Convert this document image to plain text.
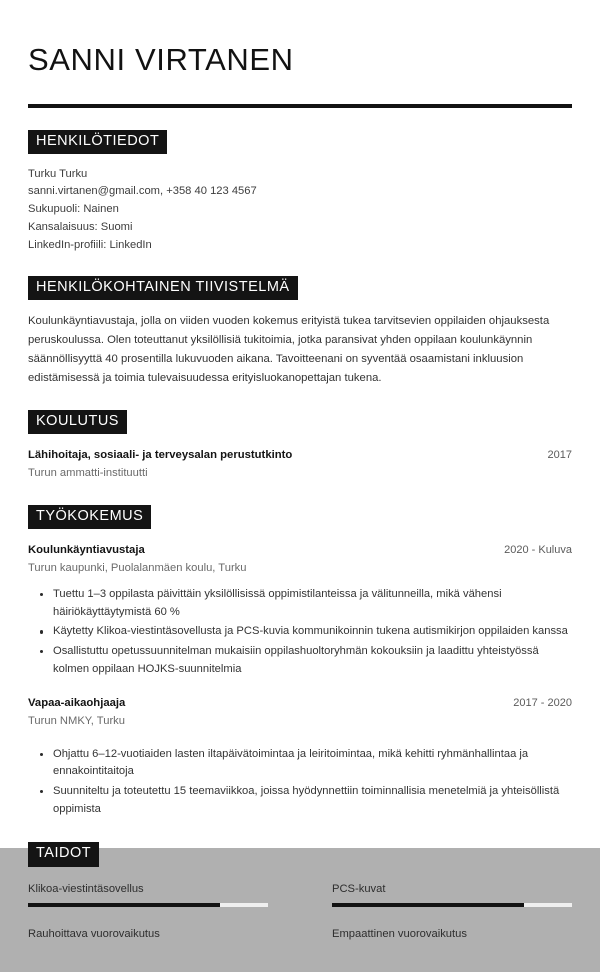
SANNI VIRTANEN
HENKILÖTIEDOT
Turku Turku
sanni.virtanen@gmail.com, +358 40 123 4567
Sukupuoli: Nainen
Kansalaisuus: Suomi
LinkedIn-profiili: LinkedIn
HENKILÖKOHTAINEN TIIVISTELMÄ

Koulunkäyntiavustaja, jolla on viiden vuoden kokemus erityistä tukea tarvitsevien oppilaiden ohjauksesta peruskoulussa. Olen toteuttanut yksilöllisiä tukitoimia, jotka paransivat yhden oppilaan koulunkäynnin säännöllisyyttä 40 prosentilla lukuvuoden aikana. Tavoitteenani on syventää osaamistani inkluusion edistämisessä ja toimia tulevaisuudessa erityisluokanopettajan tukena.

KOULUTUS
Lähihoitaja, sosiaali- ja terveysalan perustutkinto	2017
Turun ammatti-instituutti
TYÖKOKEMUS
Koulunkäyntiavustaja	2020 - Kuluva
Turun kaupunki, Puolalanmäen koulu, Turku
Tuettu 1–3 oppilasta päivittäin yksilöllisissä oppimistilanteissa ja välitunneilla, mikä vähensi häiriökäyttäytymistä 60 %
Käytetty Klikoa-viestintäsovellusta ja PCS-kuvia kommunikoinnin tukena autismikirjon oppilaiden kanssa
Osallistuttu opetussuunnitelman mukaisiin oppilashuoltoryhmän kokouksiin ja laadittu yhteistyössä kolmen oppilaan HOJKS-suunnitelmia
Vapaa-aikaohjaaja	2017 - 2020
Turun NMKY, Turku
Ohjattu 6–12-vuotiaiden lasten iltapäivätoimintaa ja leiritoimintaa, mikä kehitti ryhmänhallintaa ja ennakointitaitoja
Suunniteltu ja toteutettu 15 teemaviikkoa, joissa hyödynnettiin toiminnallisia menetelmiä ja yhteisöllistä oppimista
TAIDOT
Klikoa-viestintäsovellus	PCS-kuvat
Rauhoittava vuorovaikutus	Empaattinen vuorovaikutus
